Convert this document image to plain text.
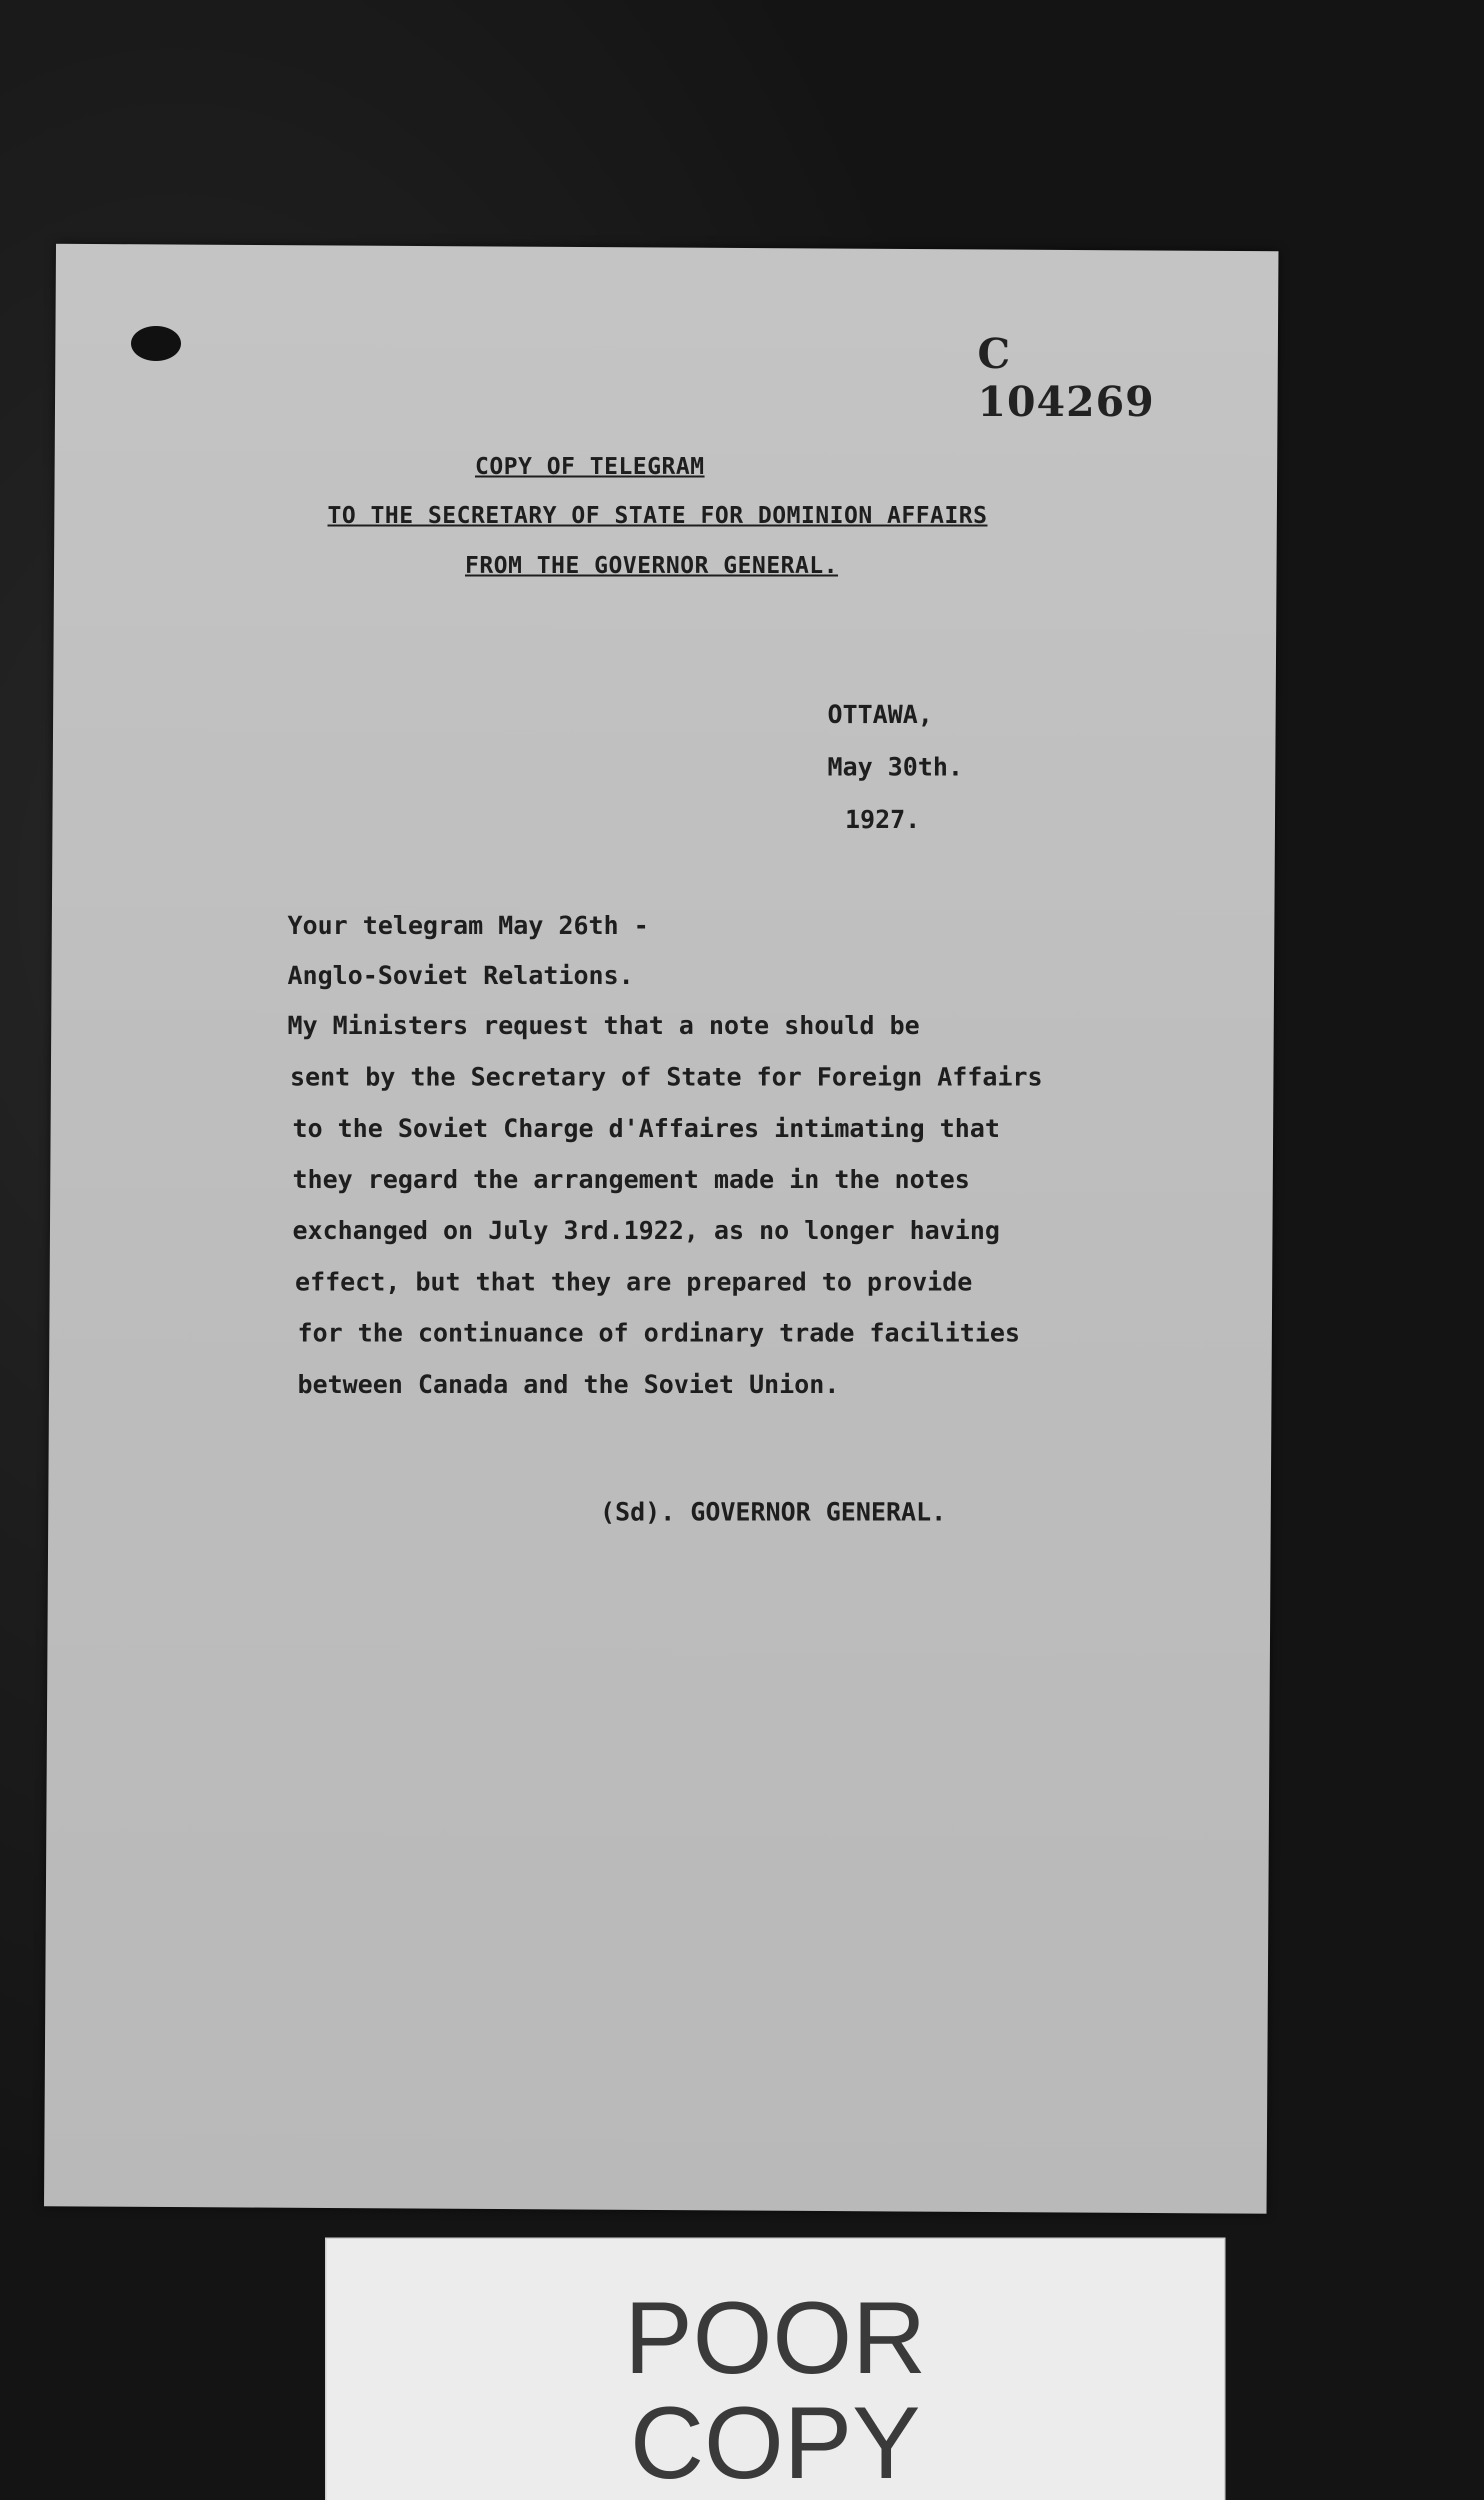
C 104269
COPY OF TELEGRAM
TO THE SECRETARY OF STATE FOR DOMINION AFFAIRS
FROM THE GOVERNOR GENERAL.
OTTAWA,
May 30th.
1927.
Your telegram May 26th -
Anglo-Soviet Relations.
My Ministers request that a note should be
sent by the Secretary of State for Foreign Affairs
to the Soviet Charge d'Affaires intimating that
they regard the arrangement made in the notes
exchanged on July 3rd.1922, as no longer having
effect, but that they are prepared to provide
for the continuance of ordinary trade facilities
between Canada and the Soviet Union.
(Sd). GOVERNOR GENERAL.
POOR
COPY
